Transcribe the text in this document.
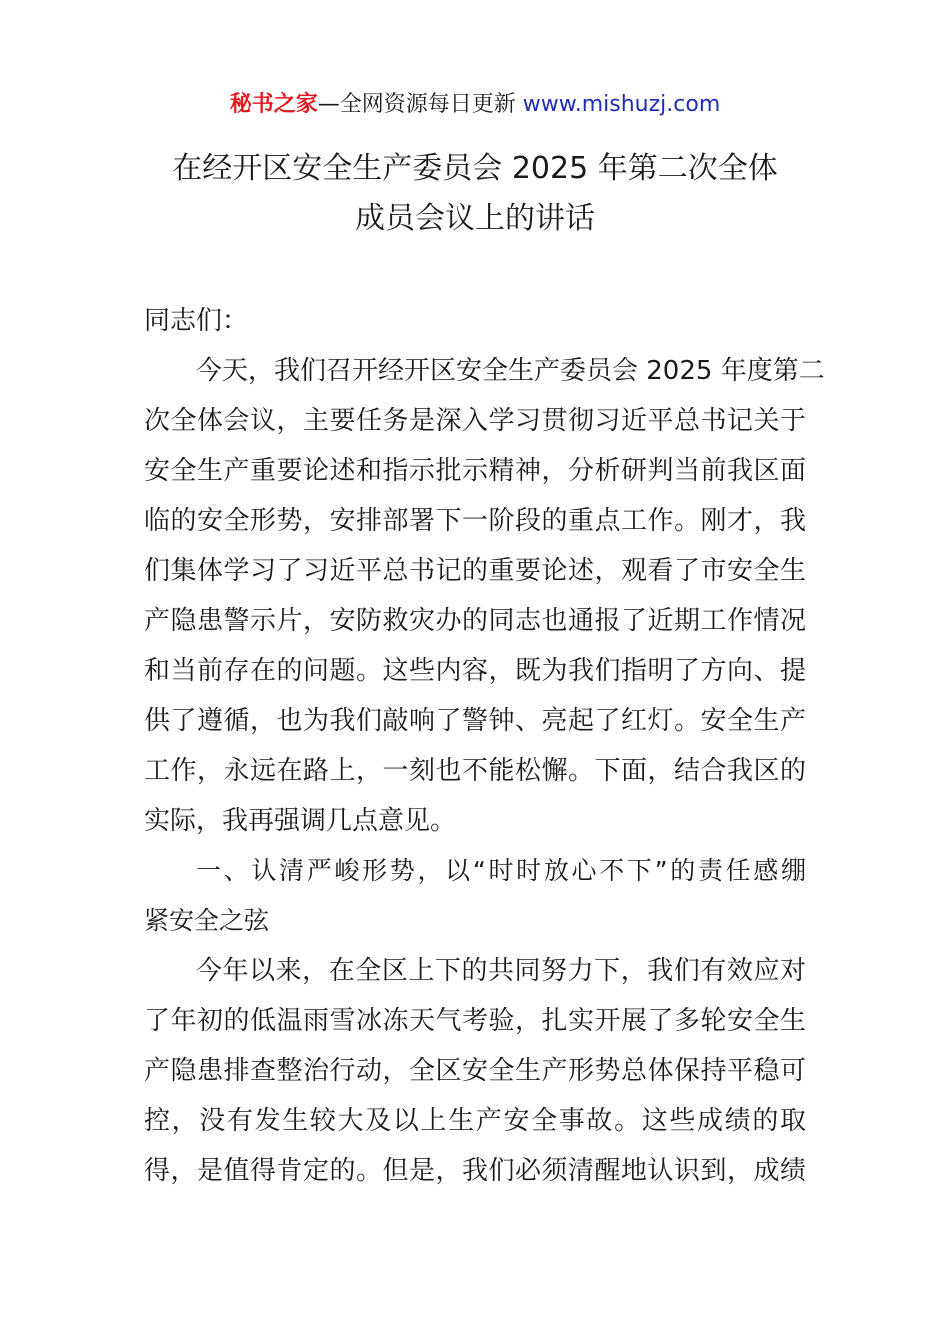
秘书之家—全网资源每日更新 www.mishuzj.com
在经开区安全生产委员会 2025 年第二次全体
成员会议上的讲话
同志们：
今天，我们召开经开区安全生产委员会 2025 年度第二
次全体会议，主要任务是深入学习贯彻习近平总书记关于
安全生产重要论述和指示批示精神，分析研判当前我区面
临的安全形势，安排部署下一阶段的重点工作。刚才，我
们集体学习了习近平总书记的重要论述，观看了市安全生
产隐患警示片，安防救灾办的同志也通报了近期工作情况
和当前存在的问题。这些内容，既为我们指明了方向、提
供了遵循，也为我们敲响了警钟、亮起了红灯。安全生产
工作，永远在路上，一刻也不能松懈。下面，结合我区的
实际，我再强调几点意见。
一、认清严峻形势，以“时时放心不下”的责任感绷
紧安全之弦
今年以来，在全区上下的共同努力下，我们有效应对
了年初的低温雨雪冰冻天气考验，扎实开展了多轮安全生
产隐患排查整治行动，全区安全生产形势总体保持平稳可
控，没有发生较大及以上生产安全事故。这些成绩的取
得，是值得肯定的。但是，我们必须清醒地认识到，成绩
